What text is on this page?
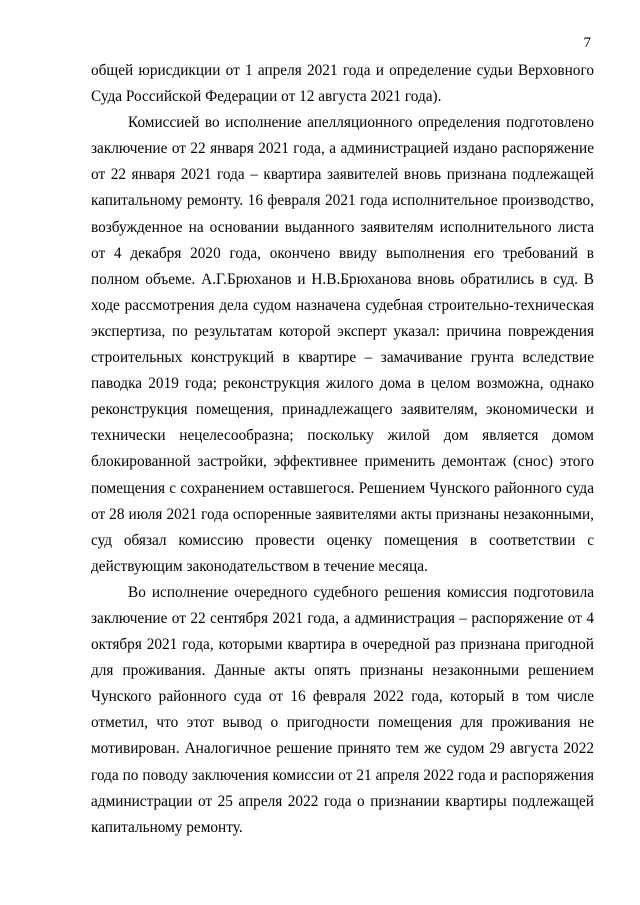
7

общей юрисдикции от 1 апреля 2021 года и определение судьи Верховного Суда Российской Федерации от 12 августа 2021 года).

Комиссией во исполнение апелляционного определения подготовлено заключение от 22 января 2021 года, а администрацией издано распоряжение от 22 января 2021 года – квартира заявителей вновь признана подлежащей капитальному ремонту. 16 февраля 2021 года исполнительное производство, возбужденное на основании выданного заявителям исполнительного листа от 4 декабря 2020 года, окончено ввиду выполнения его требований в полном объеме. А.Г.Брюханов и Н.В.Брюханова вновь обратились в суд. В ходе рассмотрения дела судом назначена судебная строительно-техническая экспертиза, по результатам которой эксперт указал: причина повреждения строительных конструкций в квартире – замачивание грунта вследствие паводка 2019 года; реконструкция жилого дома в целом возможна, однако реконструкция помещения, принадлежащего заявителям, экономически и технически нецелесообразна; поскольку жилой дом является домом блокированной застройки, эффективнее применить демонтаж (снос) этого помещения с сохранением оставшегося. Решением Чунского районного суда от 28 июля 2021 года оспоренные заявителями акты признаны незаконными, суд обязал комиссию провести оценку помещения в соответствии с действующим законодательством в течение месяца.

Во исполнение очередного судебного решения комиссия подготовила заключение от 22 сентября 2021 года, а администрация – распоряжение от 4 октября 2021 года, которыми квартира в очередной раз признана пригодной для проживания. Данные акты опять признаны незаконными решением Чунского районного суда от 16 февраля 2022 года, который в том числе отметил, что этот вывод о пригодности помещения для проживания не мотивирован. Аналогичное решение принято тем же судом 29 августа 2022 года по поводу заключения комиссии от 21 апреля 2022 года и распоряжения администрации от 25 апреля 2022 года о признании квартиры подлежащей капитальному ремонту.
